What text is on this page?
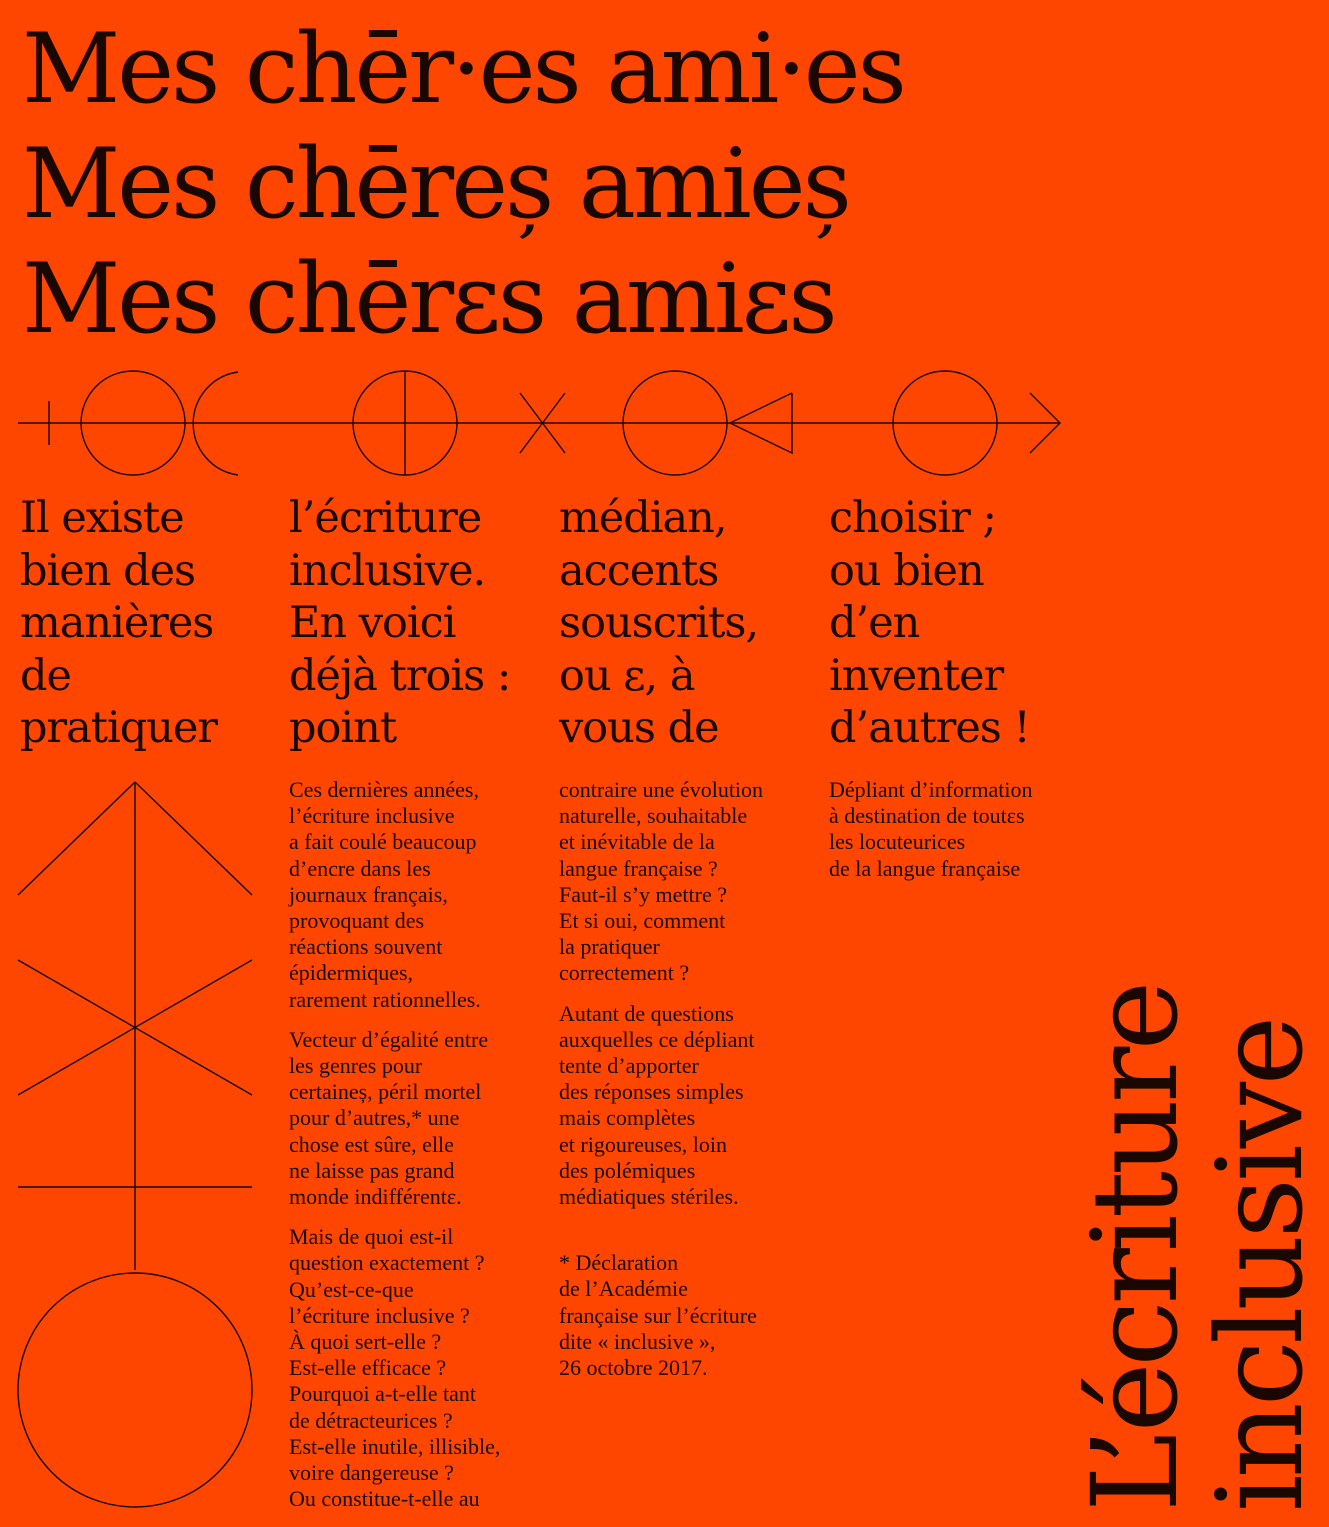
Mes chēr·es ami·es
Mes chēreș amieș
Mes chērεs amiεs
Il existe
bien des
manières
de
pratiquer
l’écriture
inclusive.
En voici
déjà trois :
point
médian,
accents
souscrits,
ou ε, à
vous de
choisir ;
ou bien
d’en
inventer
d’autres !

Ces dernières années,
l’écriture inclusive
a fait coulé beaucoup
d’encre dans les
journaux français,
provoquant des
réactions souvent
épidermiques,
rarement rationnelles.

Vecteur d’égalité entre
les genres pour
certaineș, péril mortel
pour d’autres,* une
chose est sûre, elle
ne laisse pas grand
monde indifférentε.

Mais de quoi est-il
question exactement ?
Qu’est-ce-que
l’écriture inclusive ?
À quoi sert-elle ?
Est-elle efficace ?
Pourquoi a-t-elle tant
de détracteurices ?
Est-elle inutile, illisible,
voire dangereuse ?
Ou constitue-t-elle au

contraire une évolution
naturelle, souhaitable
et inévitable de la
langue française ?
Faut-il s’y mettre ?
Et si oui, comment
la pratiquer
correctement ?

Autant de questions
auxquelles ce dépliant
tente d’apporter
des réponses simples
mais complètes
et rigoureuses, loin
des polémiques
médiatiques stériles.

* Déclaration
de l’Académie
française sur l’écriture
dite « inclusive »,
26 octobre 2017.

Dépliant d’information
à destination de toutεs
les locuteurices
de la langue française

L’écriture
inclusive
